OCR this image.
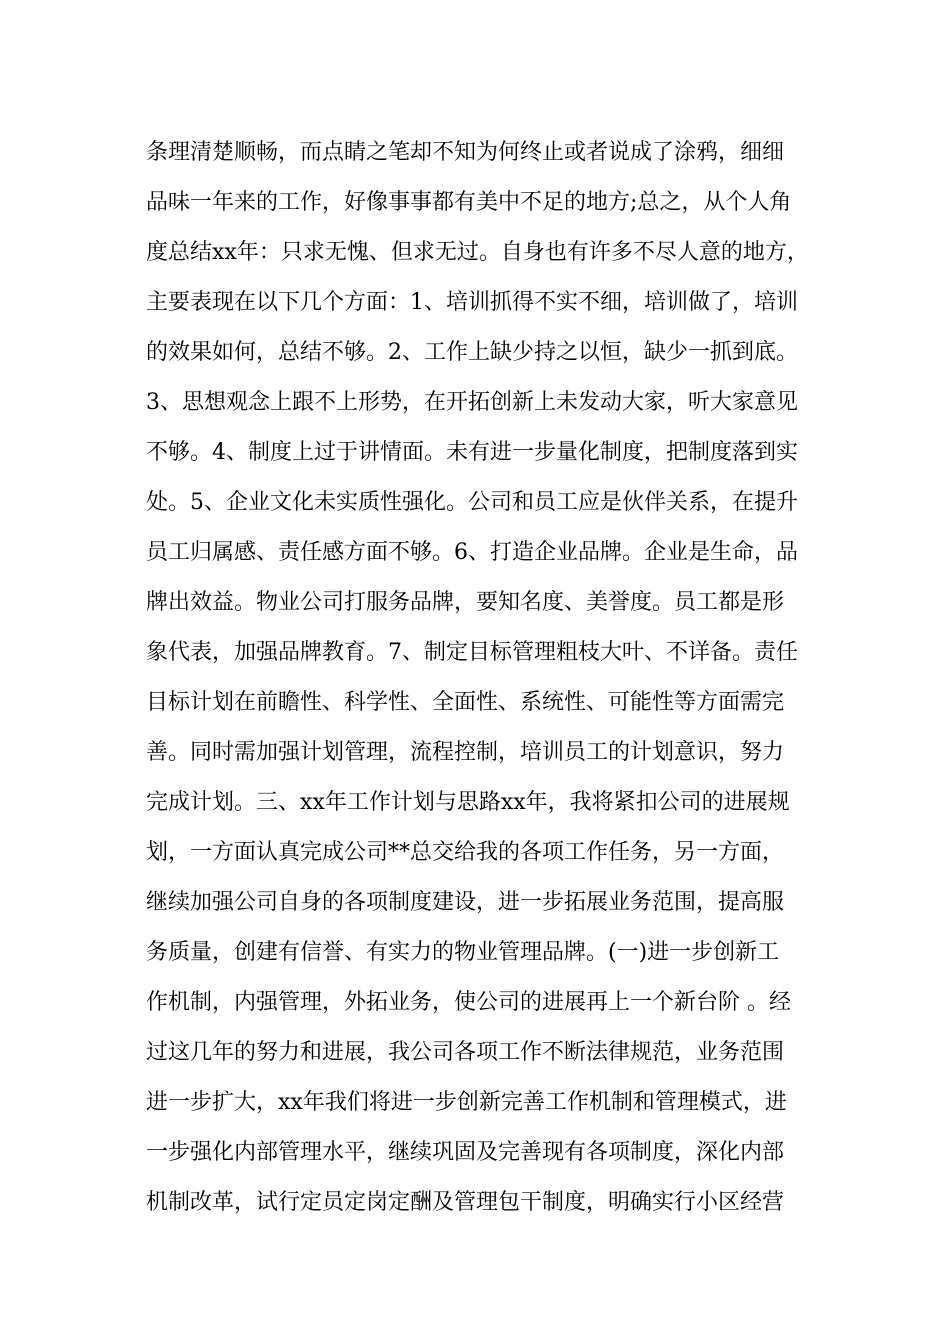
条理清楚顺畅，而点睛之笔却不知为何终止或者说成了涂鸦，细细
品味一年来的工作，好像事事都有美中不足的地方;总之，从个人角
度总结xx年：只求无愧、但求无过。自身也有许多不尽人意的地方，
主要表现在以下几个方面：1、培训抓得不实不细，培训做了，培训
的效果如何，总结不够。2、工作上缺少持之以恒，缺少一抓到底。
3、思想观念上跟不上形势，在开拓创新上未发动大家，听大家意见
不够。4、制度上过于讲情面。未有进一步量化制度，把制度落到实
处。5、企业文化未实质性强化。公司和员工应是伙伴关系，在提升
员工归属感、责任感方面不够。6、打造企业品牌。企业是生命，品
牌出效益。物业公司打服务品牌，要知名度、美誉度。员工都是形
象代表，加强品牌教育。7、制定目标管理粗枝大叶、不详备。责任
目标计划在前瞻性、科学性、全面性、系统性、可能性等方面需完
善。同时需加强计划管理，流程控制，培训员工的计划意识，努力
完成计划。三、xx年工作计划与思路xx年，我将紧扣公司的进展规
划，一方面认真完成公司**总交给我的各项工作任务，另一方面，
继续加强公司自身的各项制度建设，进一步拓展业务范围，提高服
务质量，创建有信誉、有实力的物业管理品牌。(一)进一步创新工
作机制，内强管理，外拓业务，使公司的进展再上一个新台阶 。经
过这几年的努力和进展，我公司各项工作不断法律规范，业务范围
进一步扩大，xx年我们将进一步创新完善工作机制和管理模式，进
一步强化内部管理水平，继续巩固及完善现有各项制度，深化内部
机制改革，试行定员定岗定酬及管理包干制度，明确实行小区经营
